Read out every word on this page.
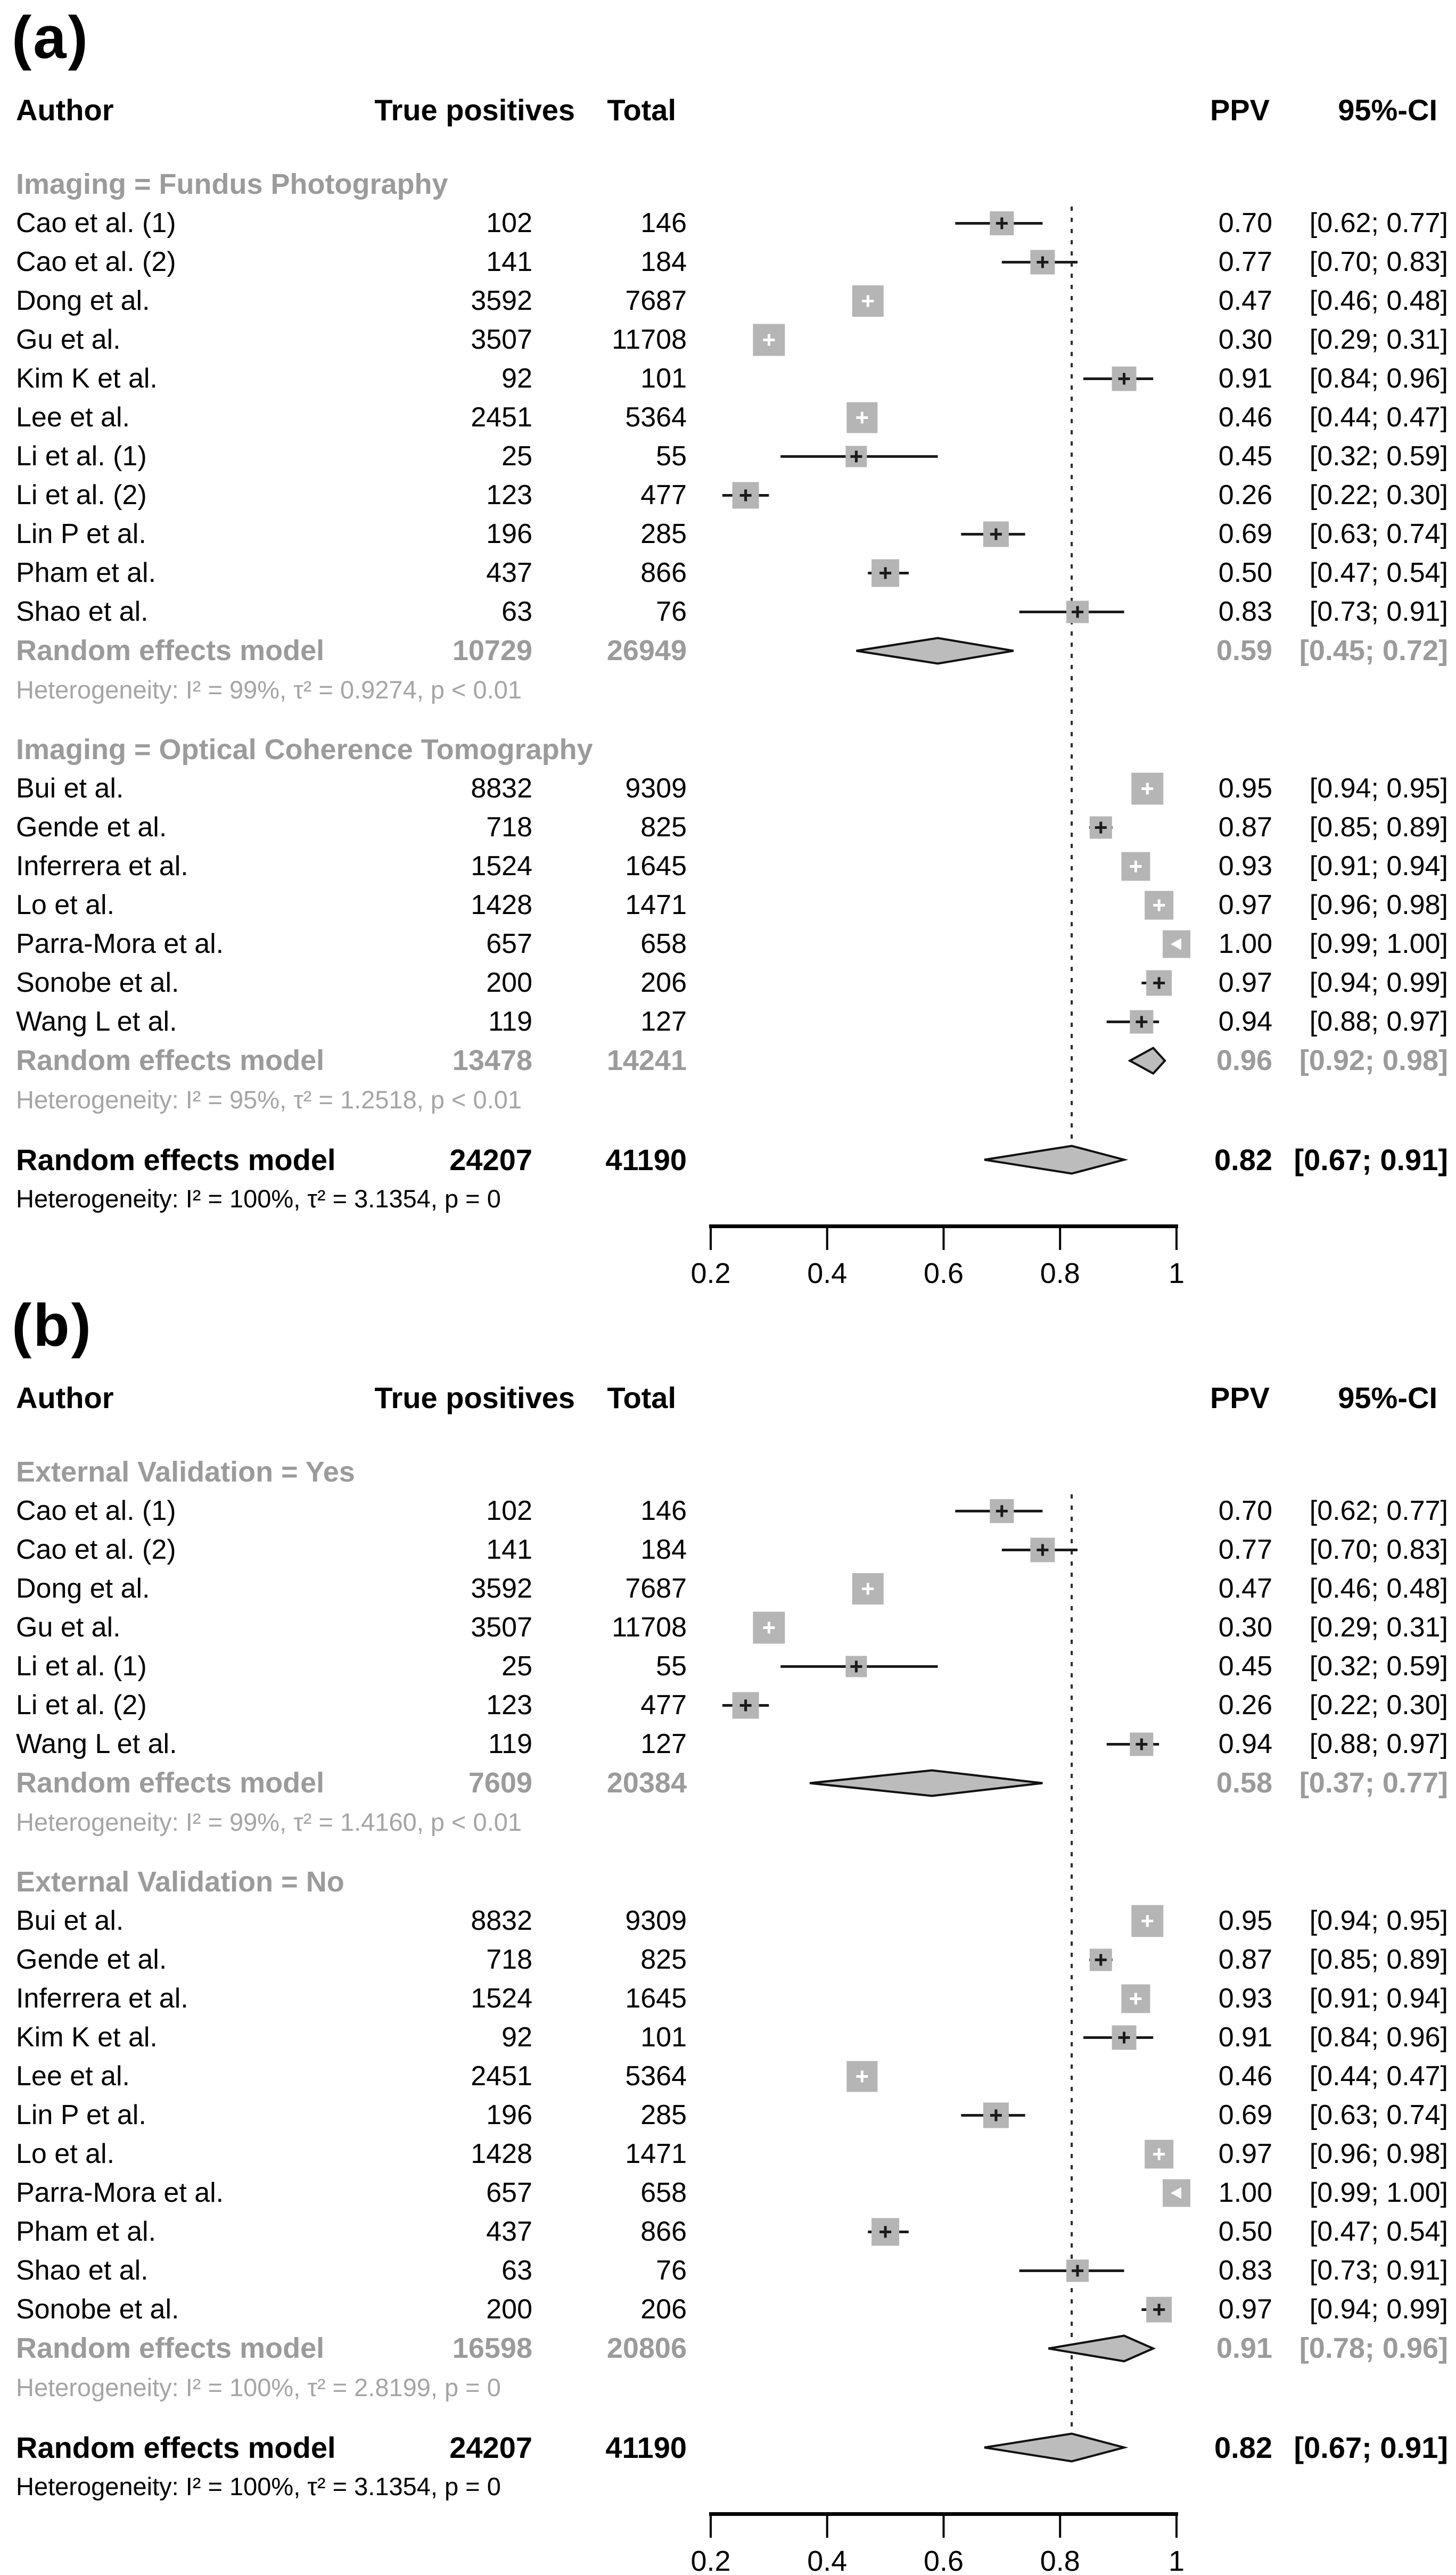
(a)
Author	True positives	Total	PPV	95%-CI
0.2	0.4	0.6	0.8	1
Imaging = Fundus Photography
Cao et al. (1)	102	146	0.70	[0.62; 0.77]
Cao et al. (2)	141	184	0.77	[0.70; 0.83]
Dong et al.	3592	7687	0.47	[0.46; 0.48]
Gu et al.	3507	11708	0.30	[0.29; 0.31]
Kim K et al.	92	101	0.91	[0.84; 0.96]
Lee et al.	2451	5364	0.46	[0.44; 0.47]
Li et al. (1)	25	55	0.45	[0.32; 0.59]
Li et al. (2)	123	477	0.26	[0.22; 0.30]
Lin P et al.	196	285	0.69	[0.63; 0.74]
Pham et al.	437	866	0.50	[0.47; 0.54]
Shao et al.	63	76	0.83	[0.73; 0.91]
Random effects model	10729	26949	0.59 [0.45; 0.72]
Heterogeneity: I² = 99%, τ² = 0.9274, p < 0.01
Imaging = Optical Coherence Tomography
Bui et al.	8832	9309	0.95	[0.94; 0.95]
Gende et al.	718	825	0.87	[0.85; 0.89]
Inferrera et al.	1524	1645	0.93	[0.91; 0.94]
Lo et al.	1428	1471	0.97	[0.96; 0.98]
Parra-Mora et al.	657	658	1.00	[0.99; 1.00]
Sonobe et al.	200	206	0.97	[0.94; 0.99]
Wang L et al.	119	127	0.94	[0.88; 0.97]
Random effects model	13478	14241	0.96 [0.92; 0.98]
Heterogeneity: I² = 95%, τ² = 1.2518, p < 0.01
Random effects model	24207	41190	0.82 [0.67; 0.91]
Heterogeneity: I² = 100%, τ² = 3.1354, p = 0
(b)
Author	True positives	Total	PPV	95%-CI
0.2	0.4	0.6	0.8	1
External Validation = Yes
Cao et al. (1)	102	146	0.70	[0.62; 0.77]
Cao et al. (2)	141	184	0.77	[0.70; 0.83]
Dong et al.	3592	7687	0.47	[0.46; 0.48]
Gu et al.	3507	11708	0.30	[0.29; 0.31]
Li et al. (1)	25	55	0.45	[0.32; 0.59]
Li et al. (2)	123	477	0.26	[0.22; 0.30]
Wang L et al.	119	127	0.94	[0.88; 0.97]
Random effects model	7609	20384	0.58 [0.37; 0.77]
Heterogeneity: I² = 99%, τ² = 1.4160, p < 0.01
External Validation = No
Bui et al.	8832	9309	0.95	[0.94; 0.95]
Gende et al.	718	825	0.87	[0.85; 0.89]
Inferrera et al.	1524	1645	0.93	[0.91; 0.94]
Kim K et al.	92	101	0.91	[0.84; 0.96]
Lee et al.	2451	5364	0.46	[0.44; 0.47]
Lin P et al.	196	285	0.69	[0.63; 0.74]
Lo et al.	1428	1471	0.97	[0.96; 0.98]
Parra-Mora et al.	657	658	1.00	[0.99; 1.00]
Pham et al.	437	866	0.50	[0.47; 0.54]
Shao et al.	63	76	0.83	[0.73; 0.91]
Sonobe et al.	200	206	0.97	[0.94; 0.99]
Random effects model	16598	20806	0.91 [0.78; 0.96]
Heterogeneity: I² = 100%, τ² = 2.8199, p = 0
Random effects model	24207	41190	0.82 [0.67; 0.91]
Heterogeneity: I² = 100%, τ² = 3.1354, p = 0
